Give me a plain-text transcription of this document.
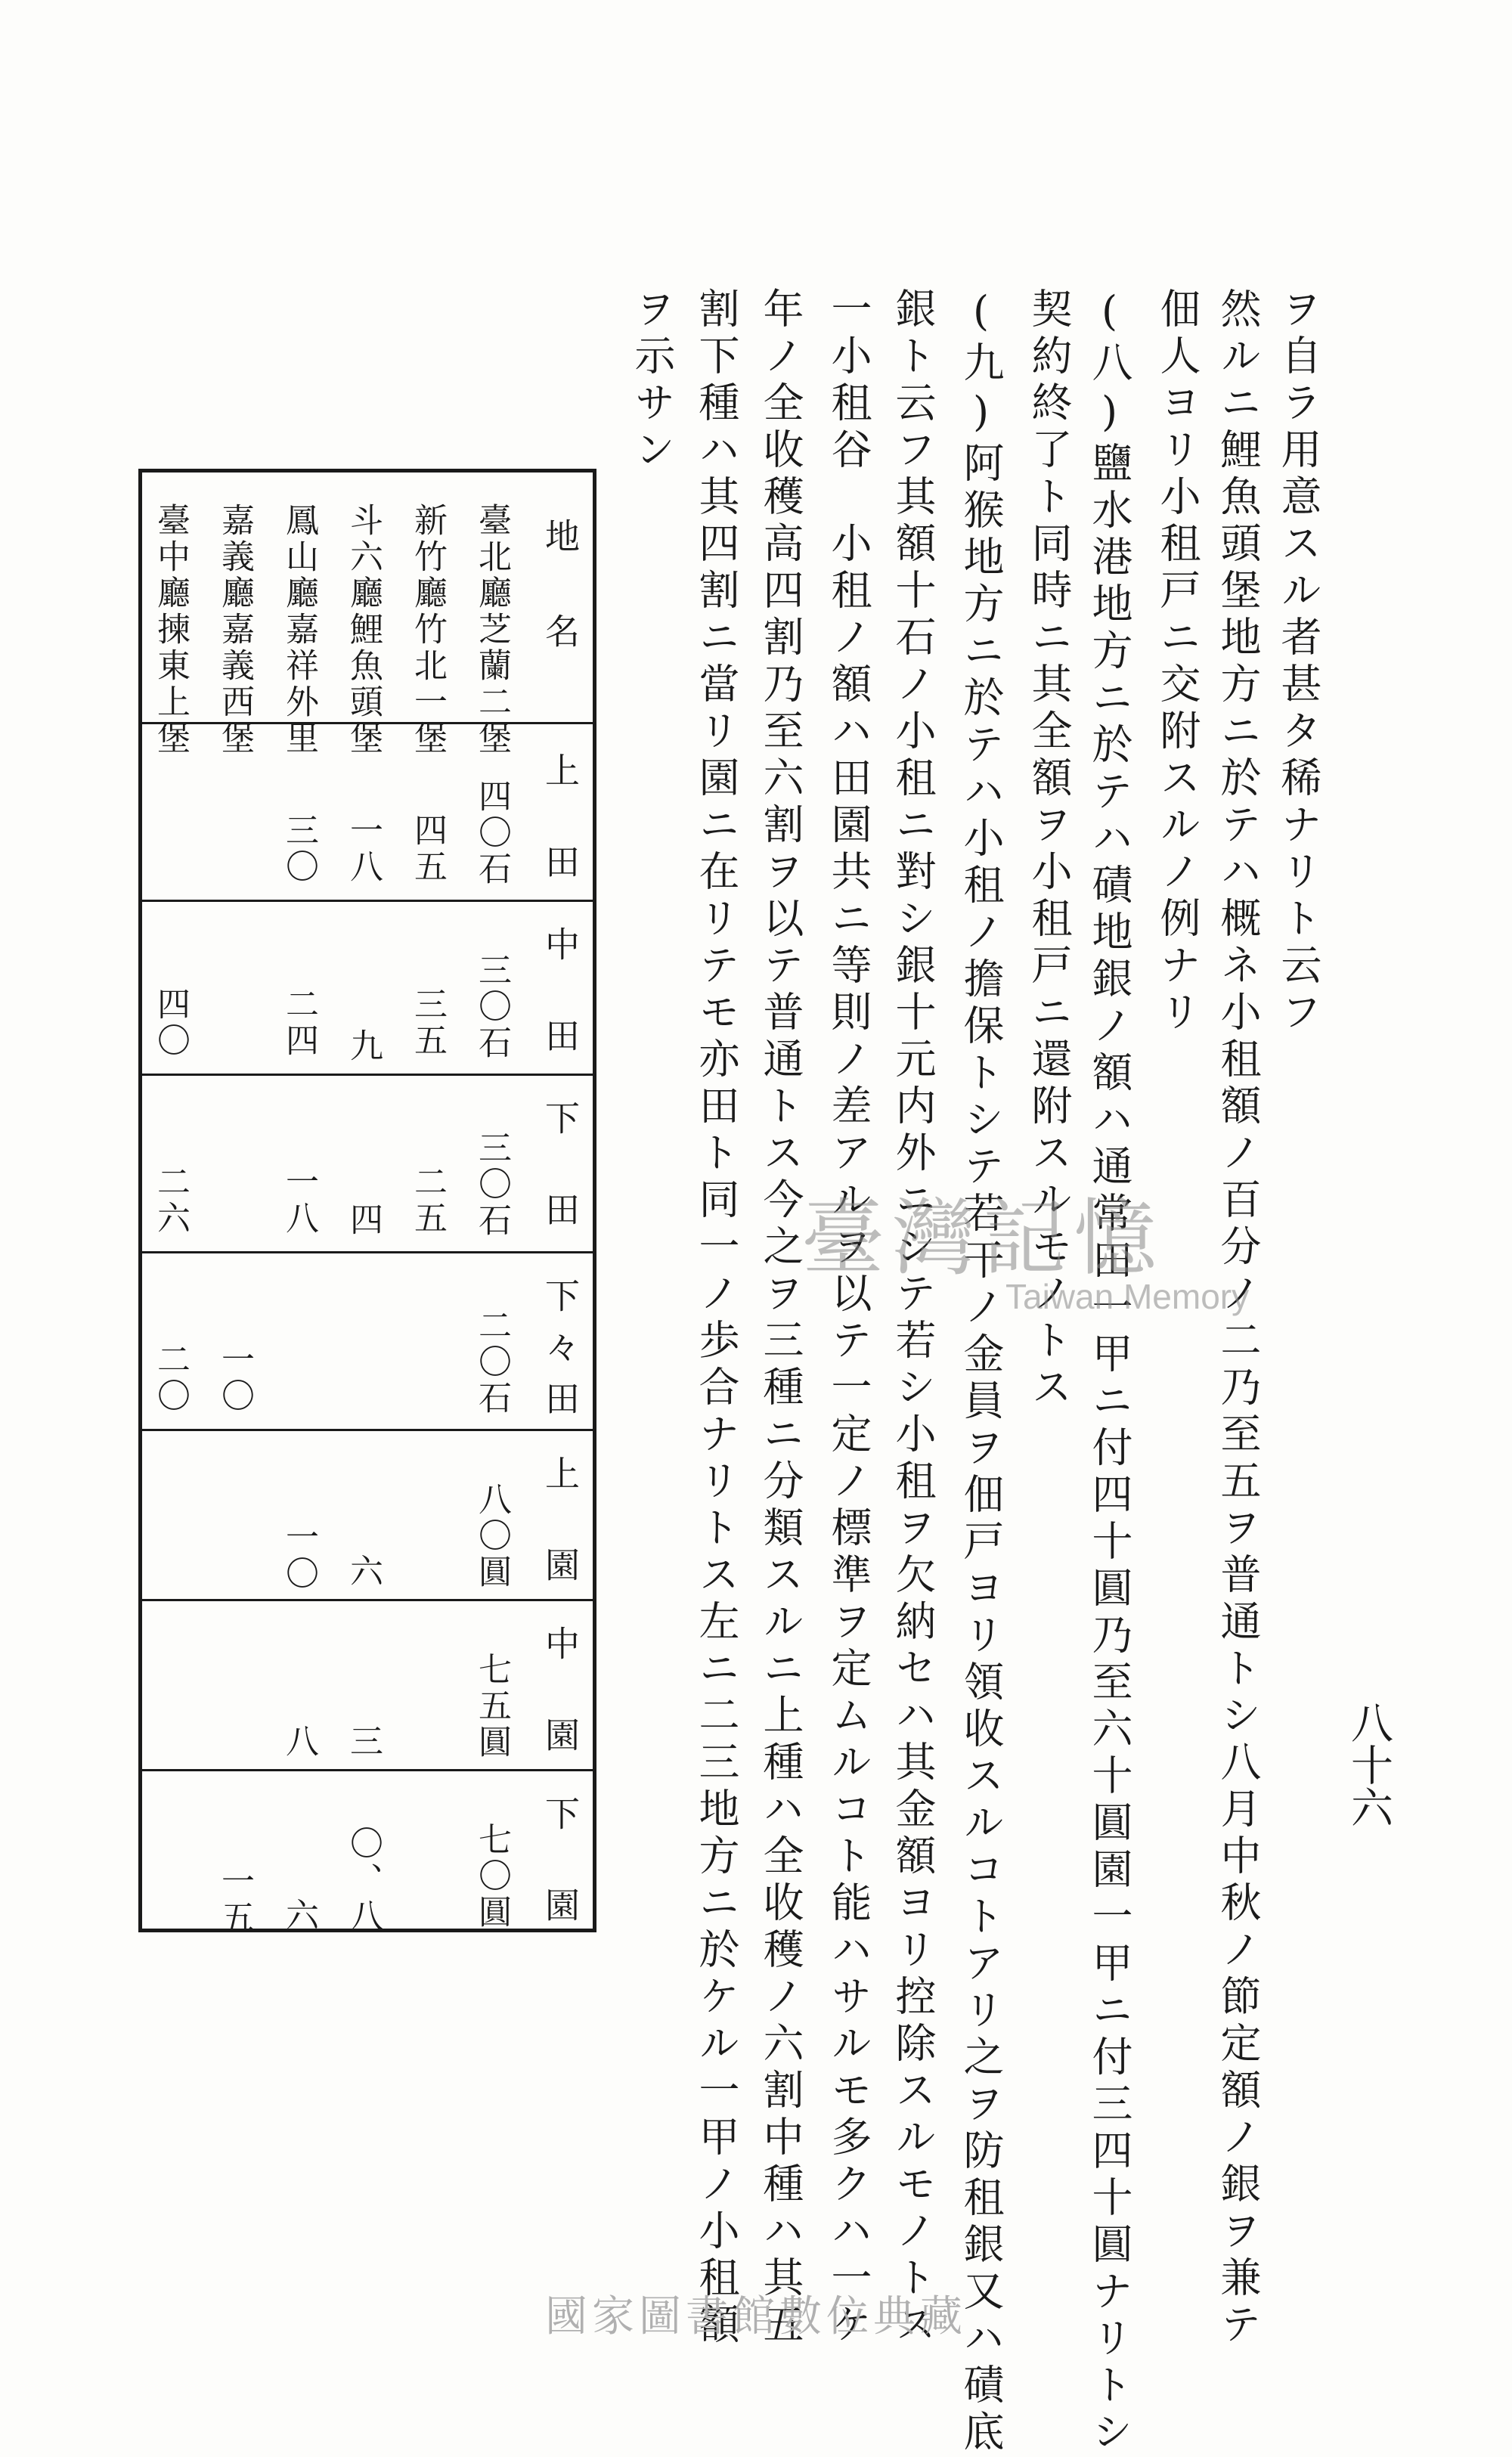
ヲ自ラ用意スル者甚タ稀ナリト云フ
然ルニ鯉魚頭堡地方ニ於テハ概ネ小租額ノ百分ノ二乃至五ヲ普通トシ八月中秋ノ節定額ノ銀ヲ兼テ
佃人ヨリ小租戸ニ交附スルノ例ナリ
(八)鹽水港地方ニ於テハ磧地銀ノ額ハ通常田一甲ニ付四十圓乃至六十圓園一甲ニ付三四十圓ナリトシ
契約終了ト同時ニ其全額ヲ小租戸ニ還附スルモノトス
(九)阿猴地方ニ於テハ小租ノ擔保トシテ若干ノ金員ヲ佃戸ヨリ領收スルコトアリ之ヲ防租銀又ハ磧底
銀ト云フ其額十石ノ小租ニ對シ銀十元内外ニシテ若シ小租ヲ欠納セハ其金額ヨリ控除スルモノトス
一小租谷　小租ノ額ハ田園共ニ等則ノ差アルヲ以テ一定ノ標準ヲ定ムルコト能ハサルモ多クハ一ケ
年ノ全收穫高四割乃至六割ヲ以テ普通トス今之ヲ三種ニ分類スルニ上種ハ全收穫ノ六割中種ハ其五
割下種ハ其四割ニ當リ園ニ在リテモ亦田ト同一ノ歩合ナリトス左ニ二三地方ニ於ケル一甲ノ小租額
ヲ示サン
八十六
地名
上田
中田
下田
下々田
上園
中園
下園
臺北廳芝蘭二堡
新竹廳竹北一堡
斗六廳鯉魚頭堡
鳳山廳嘉祥外里
嘉義廳嘉義西堡
臺中廳揀東上堡
四〇石
三〇石
三〇石
二〇石
八〇圓
七五圓
七〇圓
四五
三五
二五
一八
九
四
六
三
〇、八
三〇
二四
一八
一〇
八
六
一〇
一五
四〇
二六
二〇
臺灣記憶
Taiwan Memory
國家圖書館數位典藏
